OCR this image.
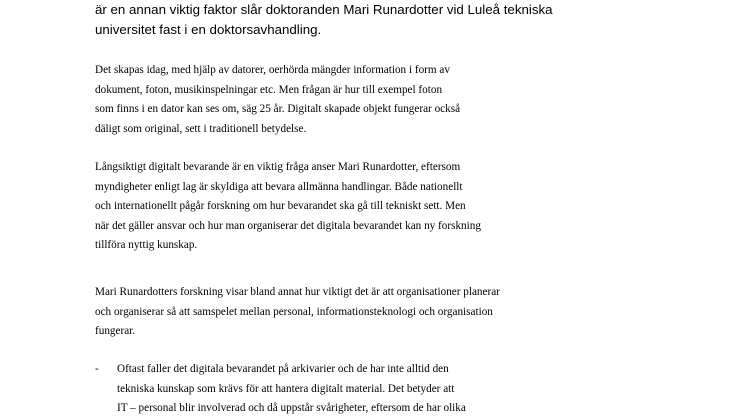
är en annan viktig faktor slår doktoranden Mari Runardotter vid Luleå tekniska
universitet fast i en doktorsavhandling.
Det skapas idag, med hjälp av datorer, oerhörda mängder information i form av
dokument, foton, musikinspelningar etc. Men frågan är hur till exempel foton
som finns i en dator kan ses om, säg 25 år. Digitalt skapade objekt fungerar också
däligt som original, sett i traditionell betydelse.
Långsiktigt digitalt bevarande är en viktig fråga anser Mari Runardotter, eftersom
myndigheter enligt lag är skyldiga att bevara allmänna handlingar. Både nationellt
och internationellt pågår forskning om hur bevarandet ska gå till tekniskt sett. Men
när det gäller ansvar och hur man organiserar det digitala bevarandet kan ny forskning
tillföra nyttig kunskap.
Mari Runardotters forskning visar bland annat hur viktigt det är att organisationer planerar
och organiserar så att samspelet mellan personal, informationsteknologi och organisation
fungerar.
- Oftast faller det digitala bevarandet på arkivarier och de har inte alltid den
tekniska kunskap som krävs för att hantera digitalt material. Det betyder att
IT – personal blir involverad och då uppstår svårigheter, eftersom de har olika
